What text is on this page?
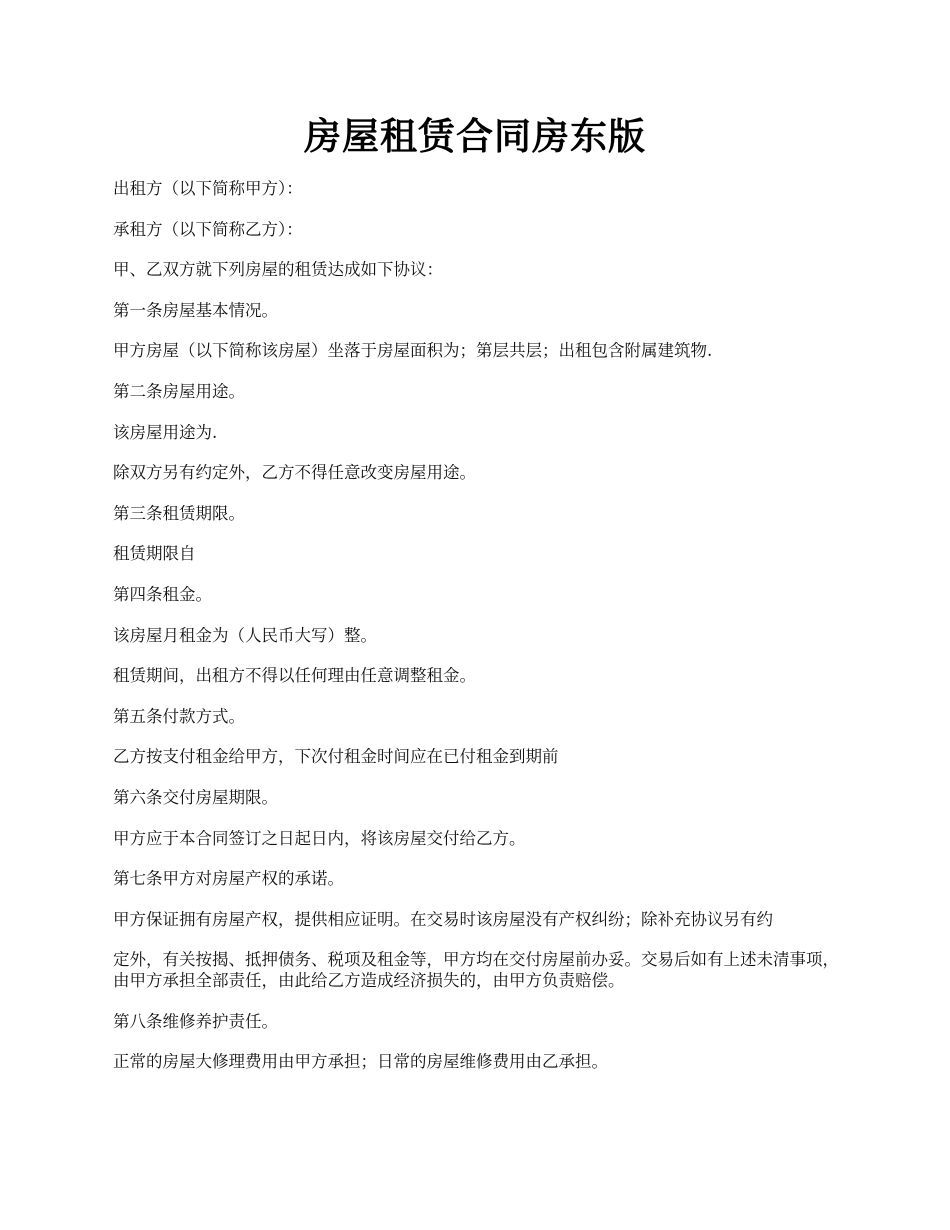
房屋租赁合同房东版

出租方（以下简称甲方）：

承租方（以下简称乙方）：

甲、乙双方就下列房屋的租赁达成如下协议：

第一条房屋基本情况。

甲方房屋（以下简称该房屋）坐落于房屋面积为；第层共层；出租包含附属建筑物.

第二条房屋用途。

该房屋用途为.

除双方另有约定外，乙方不得任意改变房屋用途。

第三条租赁期限。

租赁期限自

第四条租金。

该房屋月租金为（人民币大写）整。

租赁期间，出租方不得以任何理由任意调整租金。

第五条付款方式。

乙方按支付租金给甲方，下次付租金时间应在已付租金到期前

第六条交付房屋期限。

甲方应于本合同签订之日起日内，将该房屋交付给乙方。

第七条甲方对房屋产权的承诺。

甲方保证拥有房屋产权，提供相应证明。在交易时该房屋没有产权纠纷；除补充协议另有约

定外，有关按揭、抵押债务、税项及租金等，甲方均在交付房屋前办妥。交易后如有上述未清事项，由甲方承担全部责任，由此给乙方造成经济损失的，由甲方负责赔偿。

第八条维修养护责任。

正常的房屋大修理费用由甲方承担；日常的房屋维修费用由乙承担。
